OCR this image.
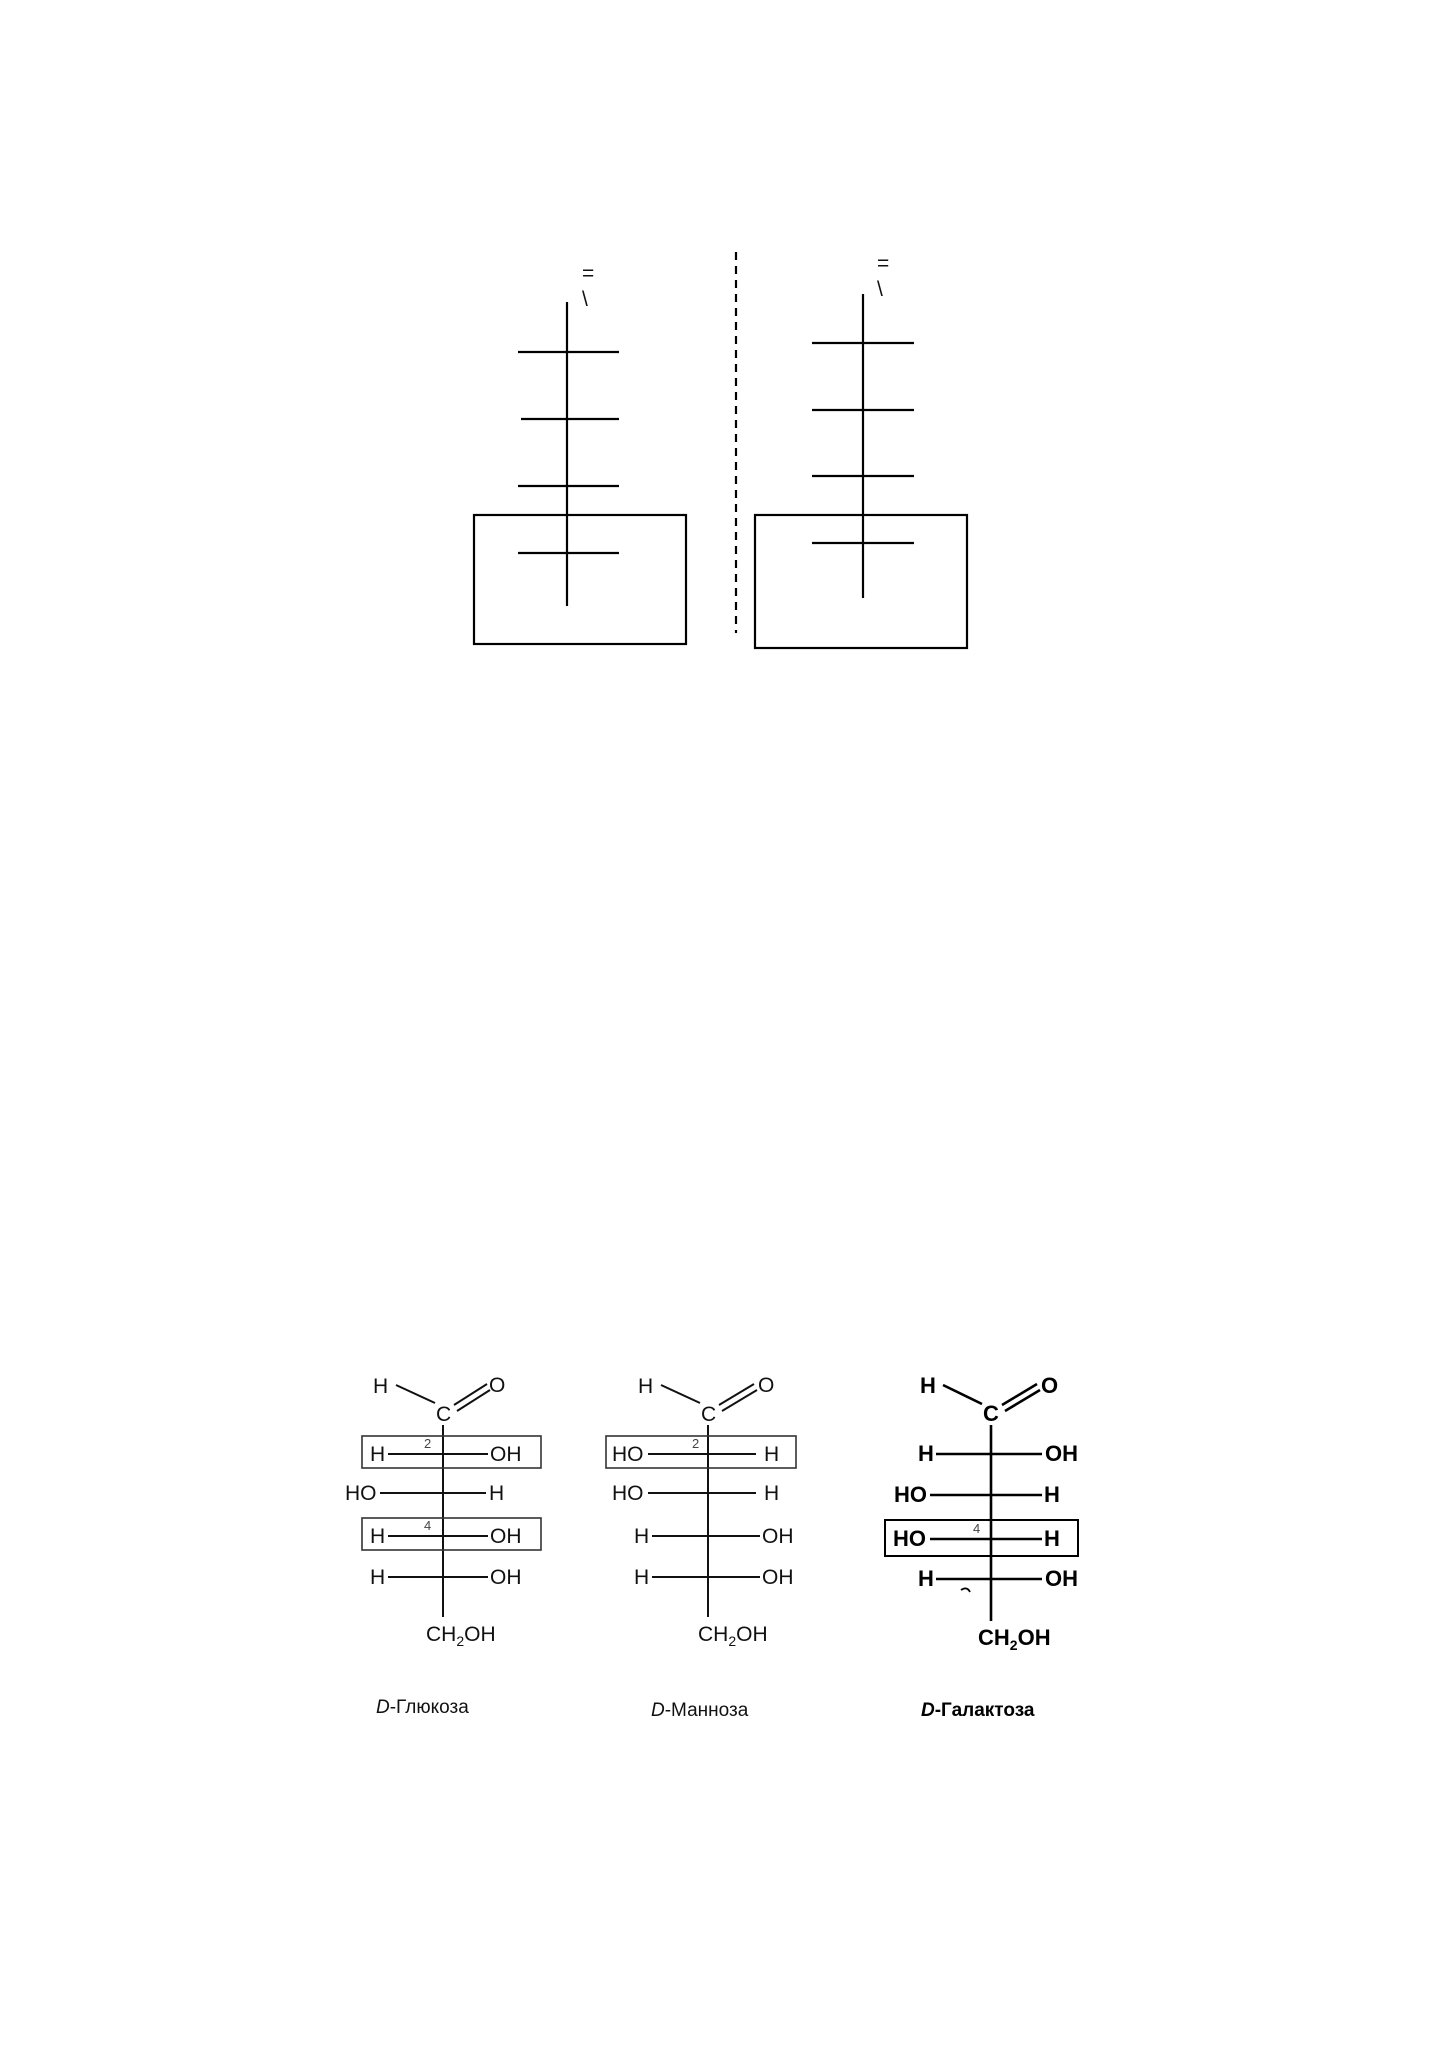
=
\
=
\
H
C
O
H	2	OH
HO	H
H	4	OH
H	OH
$CH_2OH$
D-Глюкоза
H
C
O
HO	2	H
HO	H
H	OH
H	OH
$CH_2OH$
D-Манноза
H
C
O
H	OH
HO	H
HO	4	H
H	OH
$CH_2OH$
D-Галактоза
